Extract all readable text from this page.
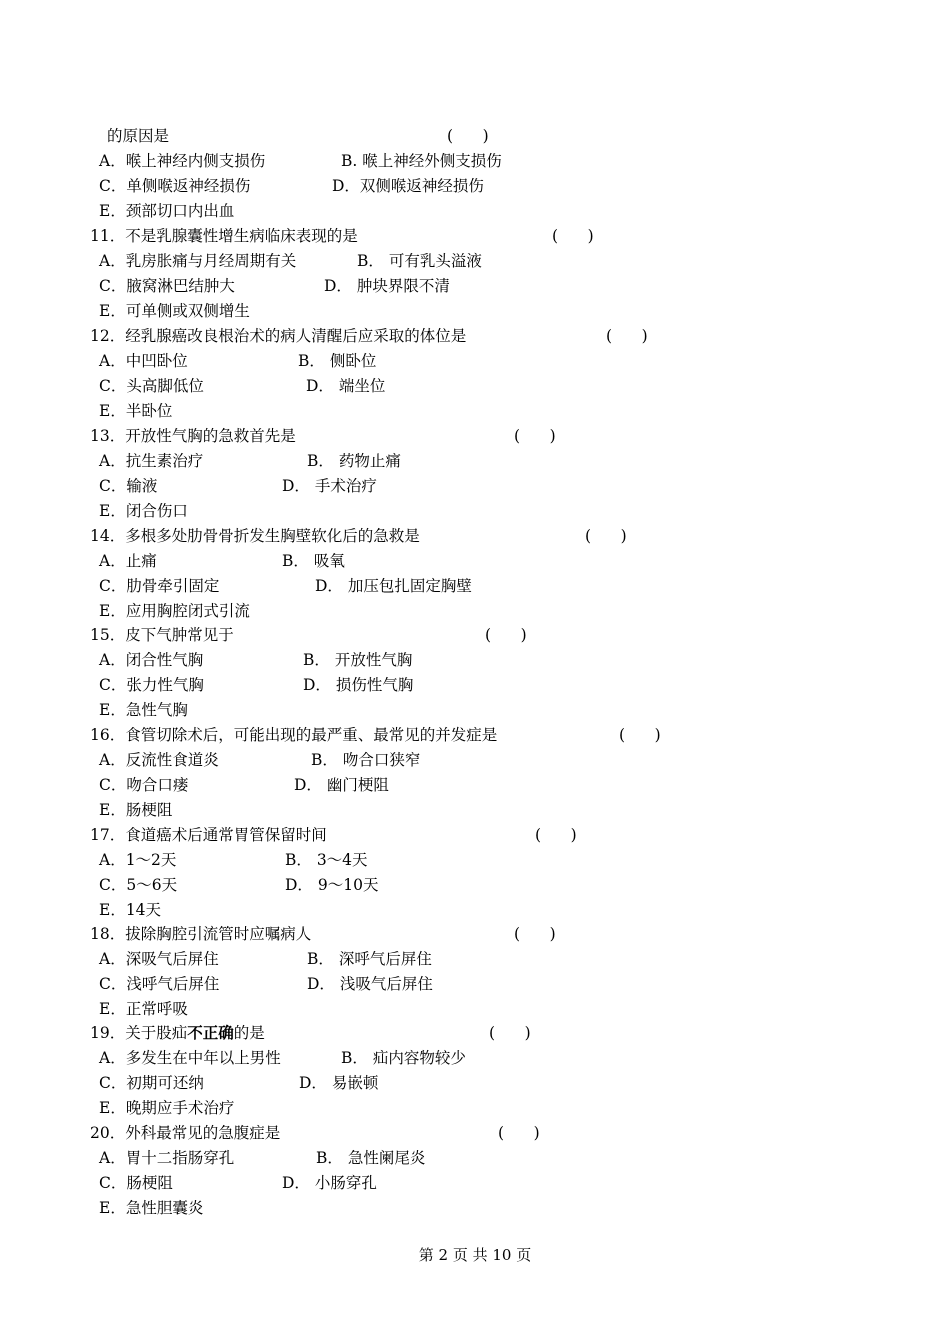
的原因是	(      )
A．喉上神经内侧支损伤	B. 喉上神经外侧支损伤
C．单侧喉返神经损伤	D．双侧喉返神经损伤
E．颈部切口内出血
11．不是乳腺囊性增生病临床表现的是	(      )
A．乳房胀痛与月经周期有关	B． 可有乳头溢液
C．腋窝淋巴结肿大	D． 肿块界限不清
E．可单侧或双侧增生
12．经乳腺癌改良根治术的病人清醒后应采取的体位是	(      )
A．中凹卧位	B． 侧卧位
C．头高脚低位	D． 端坐位
E．半卧位
13．开放性气胸的急救首先是	(      )
A．抗生素治疗	B． 药物止痛
C．输液	D． 手术治疗
E．闭合伤口
14．多根多处肋骨骨折发生胸壁软化后的急救是	(      )
A．止痛	B． 吸氧
C．肋骨牵引固定	D． 加压包扎固定胸壁
E．应用胸腔闭式引流
15．皮下气肿常见于	(      )
A．闭合性气胸	B． 开放性气胸
C．张力性气胸	D． 损伤性气胸
E．急性气胸
16．食管切除术后，可能出现的最严重、最常见的并发症是	(      )
A．反流性食道炎	B． 吻合口狭窄
C．吻合口瘘	D． 幽门梗阻
E．肠梗阻
17．食道癌术后通常胃管保留时间	(      )
A．1～2天	B． 3～4天
C．5～6天	D． 9～10天
E．14天
18．拔除胸腔引流管时应嘱病人	(      )
A．深吸气后屏住	B． 深呼气后屏住
C．浅呼气后屏住	D． 浅吸气后屏住
E．正常呼吸
19．关于股疝不正确的是	(      )
A．多发生在中年以上男性	B． 疝内容物较少
C．初期可还纳	D． 易嵌顿
E．晚期应手术治疗
20．外科最常见的急腹症是	(      )
A．胃十二指肠穿孔	B． 急性阑尾炎
C．肠梗阻	D． 小肠穿孔
E．急性胆囊炎
第 2 页 共 10 页
